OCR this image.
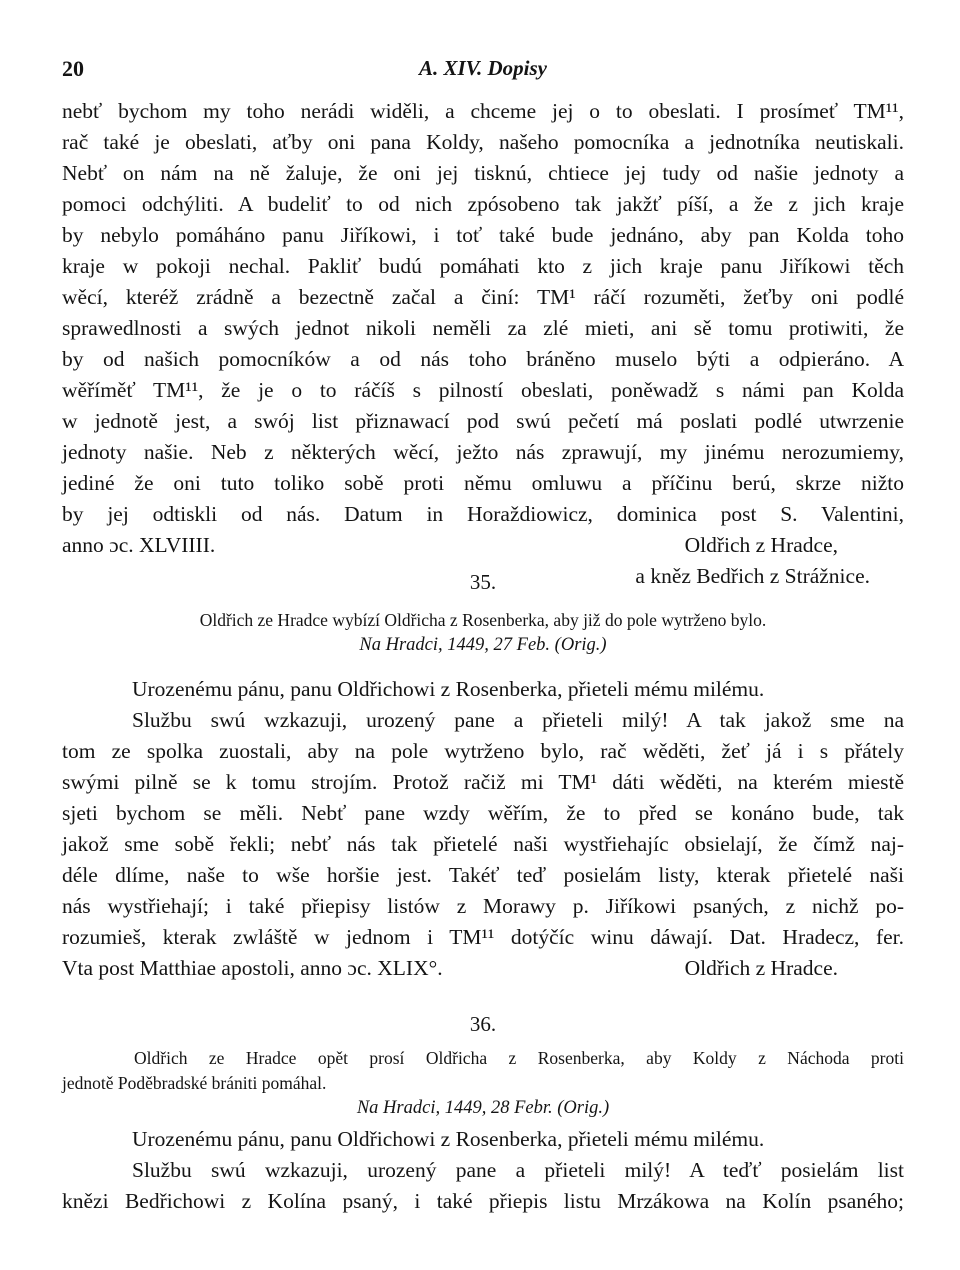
20	A. XIV. Dopisy
nebť bychom my toho nerádi widěli, a chceme jej o to obeslati. I prosímeť TM¹¹,
rač také je obeslati, aťby oni pana Koldy, našeho pomocníka a jednotníka neutiskali.
Nebť on nám na ně žaluje, že oni jej tisknú, chtiece jej tudy od našie jednoty a
pomoci odchýliti. A budeliť to od nich zpósobeno tak jakžť píší, a že z jich kraje
by nebylo pomáháno panu Jiříkowi, i toť také bude jednáno, aby pan Kolda toho
kraje w pokoji nechal. Pakliť budú pomáhati kto z jich kraje panu Jiříkowi těch
wěcí, kteréž zrádně a bezectně začal a činí: TM¹ ráčí rozuměti, žeťby oni podlé
sprawedlnosti a swých jednot nikoli neměli za zlé mieti, ani sě tomu protiwiti, že
by od našich pomocníków a od nás toho bráněno muselo býti a odpieráno. A
wěříměť TM¹¹, že je o to ráčíš s pilností obeslati, poněwadž s námi pan Kolda
w jednotě jest, a swój list přiznawací pod swú pečetí má poslati podlé utwrzenie
jednoty našie. Neb z některých wěcí, ježto nás zprawují, my jinému nerozumiemy,
jediné že oni tuto toliko sobě proti němu omluwu a příčinu berú, skrze nižto
by jej odtiskli od nás. Datum in Horaždiowicz, dominica post S. Valentini,
anno ɔc. XLVIIII.	Oldřich z Hradce,
a kněz Bedřich z Strážnice.
35.
Oldřich ze Hradce wybízí Oldřicha z Rosenberka, aby již do pole wytrženo bylo.
Na Hradci, 1449, 27 Feb. (Orig.)
Urozenému pánu, panu Oldřichowi z Rosenberka, přieteli mému milému.
Službu swú wzkazuji, urozený pane a přieteli milý! A tak jakož sme na
tom ze spolka zuostali, aby na pole wytrženo bylo, rač wěděti, žeť já i s přátely
swými pilně se k tomu strojím. Protož račiž mi TM¹ dáti wěděti, na kterém miestě
sjeti bychom se měli. Nebť pane wzdy wěřím, že to před se konáno bude, tak
jakož sme sobě řekli; nebť nás tak přietelé naši wystřiehajíc obsielají, že čímž naj-
déle dlíme, naše to wše horšie jest. Takéť teď posielám listy, kterak přietelé naši
nás wystřiehají; i také přiepisy listów z Morawy p. Jiříkowi psaných, z nichž po-
rozumieš, kterak zwláště w jednom i TM¹¹ dotýčíc winu dáwají. Dat. Hradecz, fer.
Vta post Matthiae apostoli, anno ɔc. XLIX°.	Oldřich z Hradce.
36.
Oldřich ze Hradce opět prosí Oldřicha z Rosenberka, aby Koldy z Náchoda proti
jednotě Poděbradské brániti pomáhal.
Na Hradci, 1449, 28 Febr. (Orig.)
Urozenému pánu, panu Oldřichowi z Rosenberka, přieteli mému milému.
Službu swú wzkazuji, urozený pane a přieteli milý! A teďť posielám list
knězi Bedřichowi z Kolína psaný, i také přiepis listu Mrzákowa na Kolín psaného;
